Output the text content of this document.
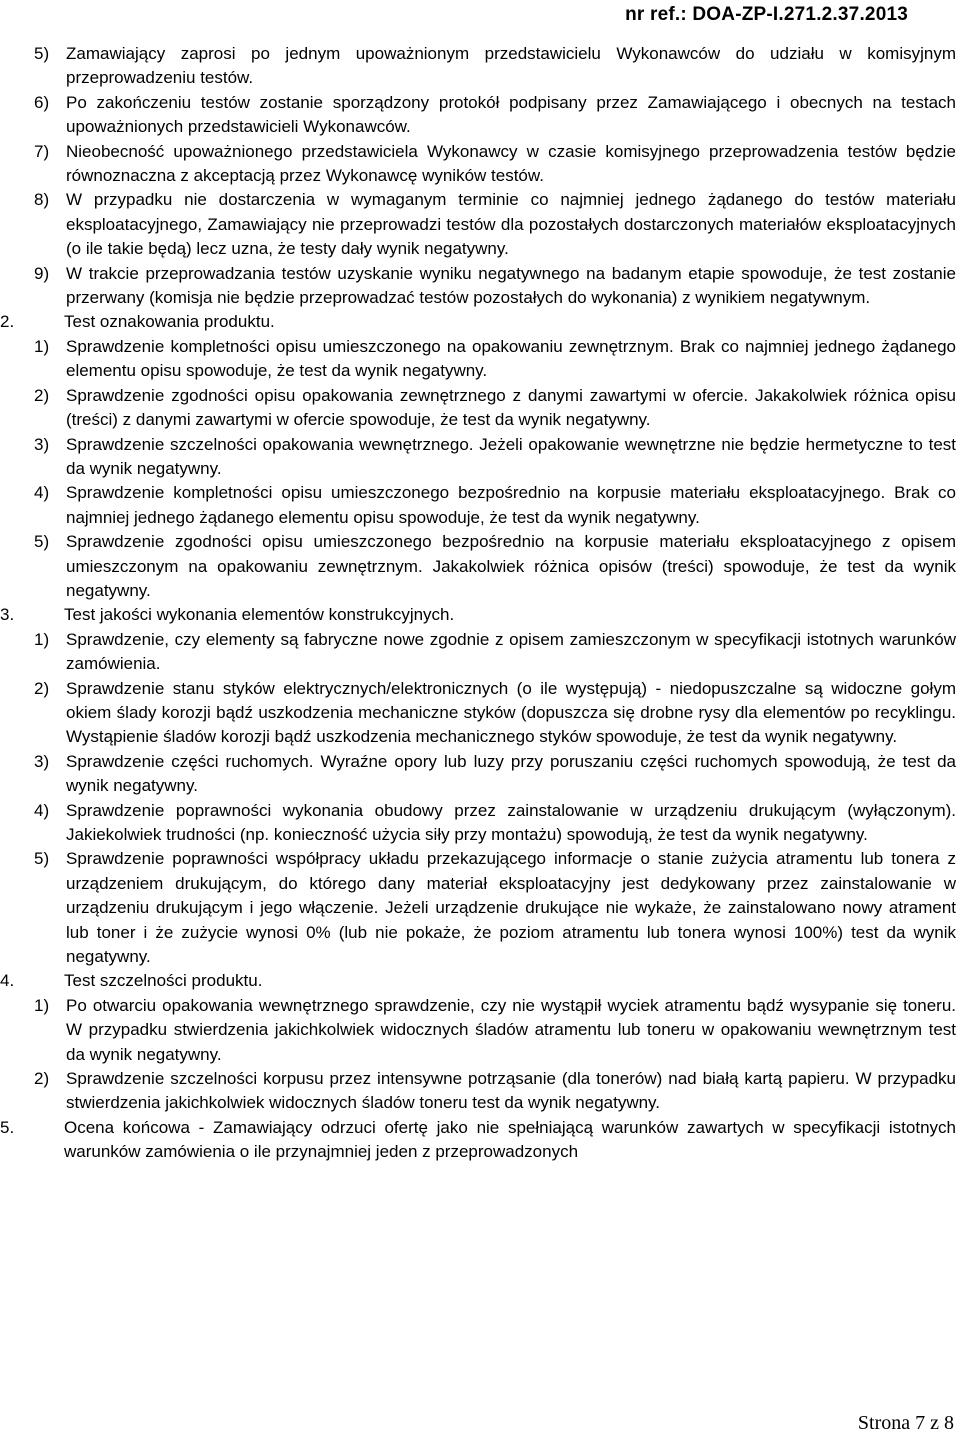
nr ref.: DOA-ZP-I.271.2.37.2013
5) Zamawiający zaprosi po jednym upoważnionym przedstawicielu Wykonawców do udziału w komisyjnym przeprowadzeniu testów.
6) Po zakończeniu testów zostanie sporządzony protokół podpisany przez Zamawiającego i obecnych na testach upoważnionych przedstawicieli Wykonawców.
7) Nieobecność upoważnionego przedstawiciela Wykonawcy w czasie komisyjnego przeprowadzenia testów będzie równoznaczna z akceptacją przez Wykonawcę wyników testów.
8) W przypadku nie dostarczenia w wymaganym terminie co najmniej jednego żądanego do testów materiału eksploatacyjnego, Zamawiający nie przeprowadzi testów dla pozostałych dostarczonych materiałów eksploatacyjnych (o ile takie będą) lecz uzna, że testy dały wynik negatywny.
9) W trakcie przeprowadzania testów uzyskanie wyniku negatywnego na badanym etapie spowoduje, że test zostanie przerwany (komisja nie będzie przeprowadzać testów pozostałych do wykonania) z wynikiem negatywnym.
2.	Test oznakowania produktu.
1) Sprawdzenie kompletności opisu umieszczonego na opakowaniu zewnętrznym. Brak co najmniej jednego żądanego elementu opisu spowoduje, że test da wynik negatywny.
2) Sprawdzenie zgodności opisu opakowania zewnętrznego z danymi zawartymi w ofercie. Jakakolwiek różnica opisu (treści) z danymi zawartymi w ofercie spowoduje, że test da wynik negatywny.
3) Sprawdzenie szczelności opakowania wewnętrznego. Jeżeli opakowanie wewnętrzne nie będzie hermetyczne to test da wynik negatywny.
4) Sprawdzenie kompletności opisu umieszczonego bezpośrednio na korpusie materiału eksploatacyjnego. Brak co najmniej jednego żądanego elementu opisu spowoduje, że test da wynik negatywny.
5) Sprawdzenie zgodności opisu umieszczonego bezpośrednio na korpusie materiału eksploatacyjnego z opisem umieszczonym na opakowaniu zewnętrznym. Jakakolwiek różnica opisów (treści) spowoduje, że test da wynik negatywny.
3.	Test jakości wykonania elementów konstrukcyjnych.
1) Sprawdzenie, czy elementy są fabryczne nowe zgodnie z opisem zamieszczonym w specyfikacji istotnych warunków zamówienia.
2) Sprawdzenie stanu styków elektrycznych/elektronicznych (o ile występują) - niedopuszczalne są widoczne gołym okiem ślady korozji bądź uszkodzenia mechaniczne styków (dopuszcza się drobne rysy dla elementów po recyklingu. Wystąpienie śladów korozji bądź uszkodzenia mechanicznego styków spowoduje, że test da wynik negatywny.
3) Sprawdzenie części ruchomych. Wyraźne opory lub luzy przy poruszaniu części ruchomych spowodują, że test da wynik negatywny.
4) Sprawdzenie poprawności wykonania obudowy przez zainstalowanie w urządzeniu drukującym (wyłączonym). Jakiekolwiek trudności (np. konieczność użycia siły przy montażu) spowodują, że test da wynik negatywny.
5) Sprawdzenie poprawności współpracy układu przekazującego informacje o stanie zużycia atramentu lub tonera z urządzeniem drukującym, do którego dany materiał eksploatacyjny jest dedykowany przez zainstalowanie w urządzeniu drukującym i jego włączenie. Jeżeli urządzenie drukujące nie wykaże, że zainstalowano nowy atrament lub toner i że zużycie wynosi 0% (lub nie pokaże, że poziom atramentu lub tonera wynosi 100%) test da wynik negatywny.
4.	Test szczelności produktu.
1) Po otwarciu opakowania wewnętrznego sprawdzenie, czy nie wystąpił wyciek atramentu bądź wysypanie się toneru. W przypadku stwierdzenia jakichkolwiek widocznych śladów atramentu lub toneru w opakowaniu wewnętrznym test da wynik negatywny.
2) Sprawdzenie szczelności korpusu przez intensywne potrząsanie (dla tonerów) nad białą kartą papieru. W przypadku stwierdzenia jakichkolwiek widocznych śladów toneru test da wynik negatywny.
5.	Ocena końcowa - Zamawiający odrzuci ofertę jako nie spełniającą warunków zawartych w specyfikacji istotnych warunków zamówienia o ile przynajmniej jeden z przeprowadzonych
Strona 7 z 8
